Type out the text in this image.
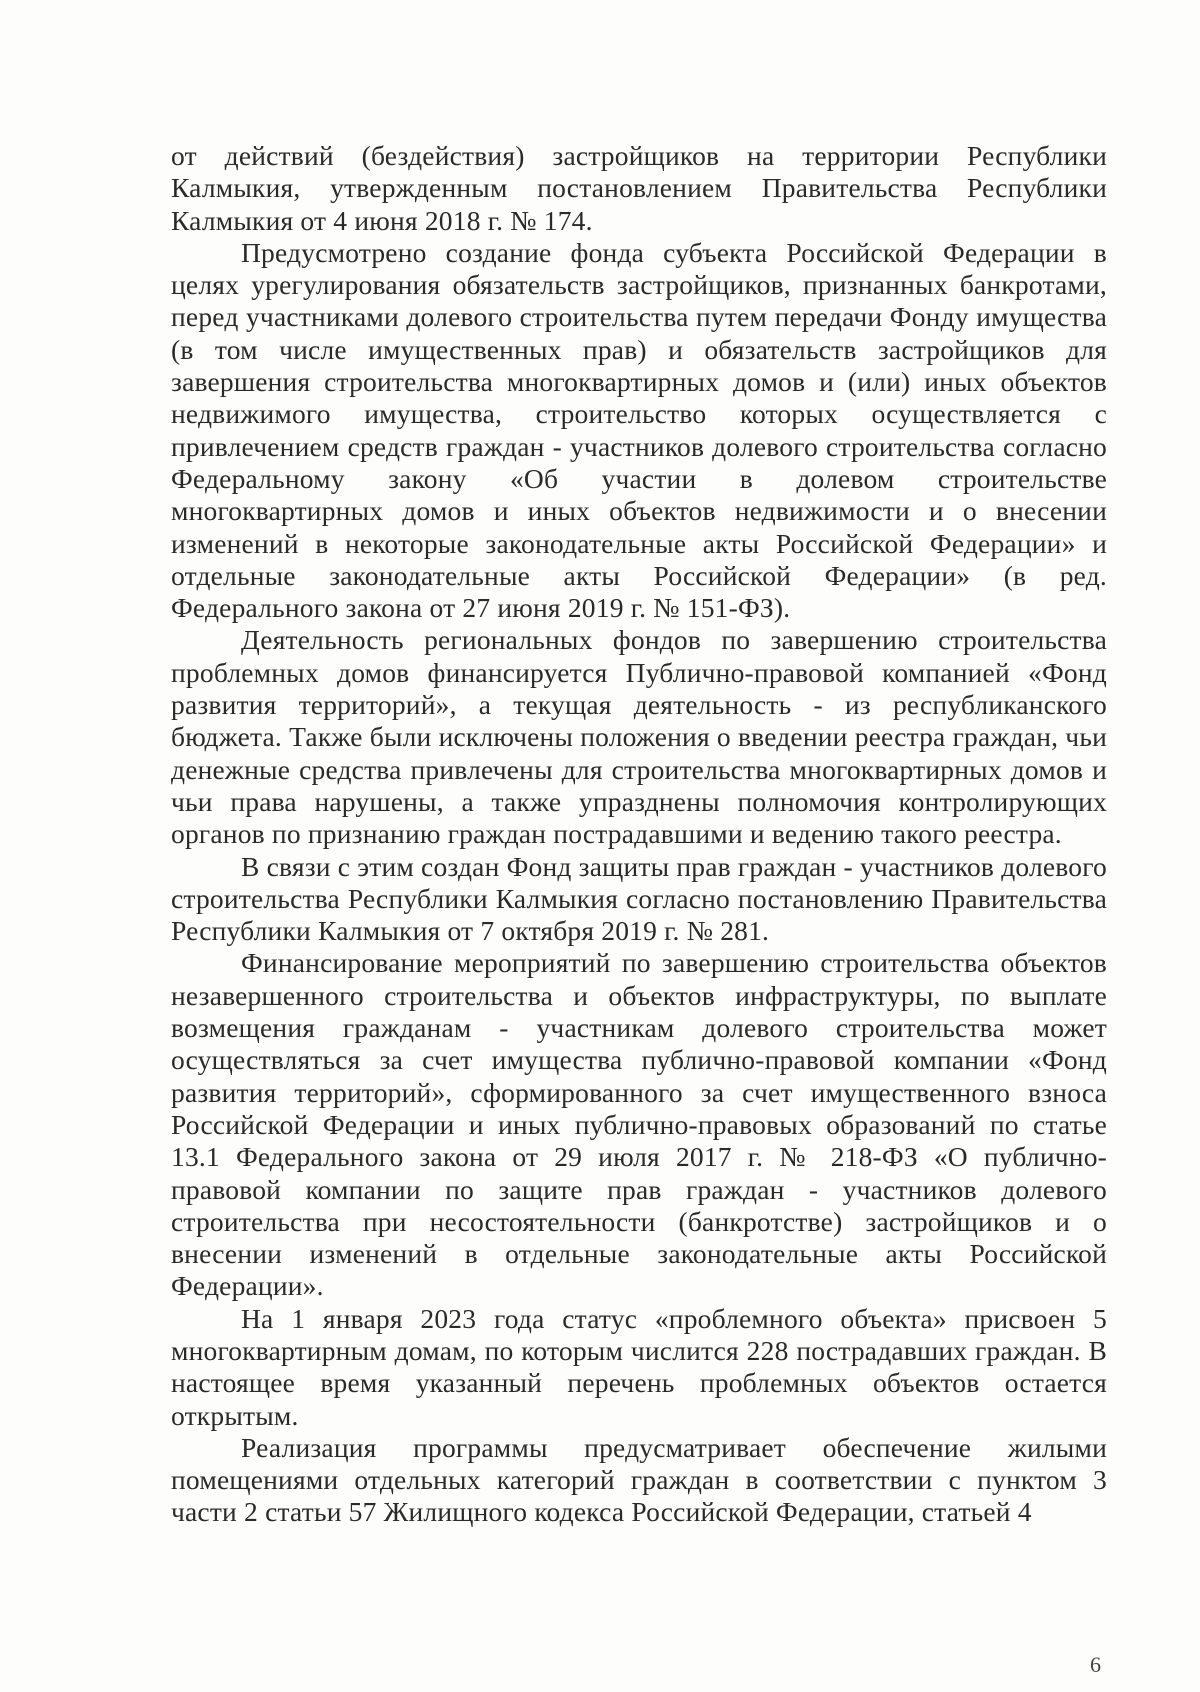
от действий (бездействия) застройщиков на территории Республики Калмыкия, утвержденным постановлением Правительства Республики Калмыкия от 4 июня 2018 г. № 174.

Предусмотрено создание фонда субъекта Российской Федерации в целях урегулирования обязательств застройщиков, признанных банкротами, перед участниками долевого строительства путем передачи Фонду имущества (в том числе имущественных прав) и обязательств застройщиков для завершения строительства многоквартирных домов и (или) иных объектов недвижимого имущества, строительство которых осуществляется с привлечением средств граждан - участников долевого строительства согласно Федеральному закону «Об участии в долевом строительстве многоквартирных домов и иных объектов недвижимости и о внесении изменений в некоторые законодательные акты Российской Федерации» и отдельные законодательные акты Российской Федерации» (в ред. Федерального закона от 27 июня 2019 г. № 151-ФЗ).

Деятельность региональных фондов по завершению строительства проблемных домов финансируется Публично-правовой компанией «Фонд развития территорий», а текущая деятельность - из республиканского бюджета. Также были исключены положения о введении реестра граждан, чьи денежные средства привлечены для строительства многоквартирных домов и чьи права нарушены, а также упразднены полномочия контролирующих органов по признанию граждан пострадавшими и ведению такого реестра.

В связи с этим создан Фонд защиты прав граждан - участников долевого строительства Республики Калмыкия согласно постановлению Правительства Республики Калмыкия от 7 октября 2019 г. № 281.

Финансирование мероприятий по завершению строительства объектов незавершенного строительства и объектов инфраструктуры, по выплате возмещения гражданам - участникам долевого строительства может осуществляться за счет имущества публично-правовой компании «Фонд развития территорий», сформированного за счет имущественного взноса Российской Федерации и иных публично-правовых образований по статье 13.1 Федерального закона от 29 июля 2017 г. № 218-ФЗ «О публично-правовой компании по защите прав граждан - участников долевого строительства при несостоятельности (банкротстве) застройщиков и о внесении изменений в отдельные законодательные акты Российской Федерации».

На 1 января 2023 года статус «проблемного объекта» присвоен 5 многоквартирным домам, по которым числится 228 пострадавших граждан. В настоящее время указанный перечень проблемных объектов остается открытым.

Реализация программы предусматривает обеспечение жилыми помещениями отдельных категорий граждан в соответствии с пунктом 3 части 2 статьи 57 Жилищного кодекса Российской Федерации, статьей 4

6
